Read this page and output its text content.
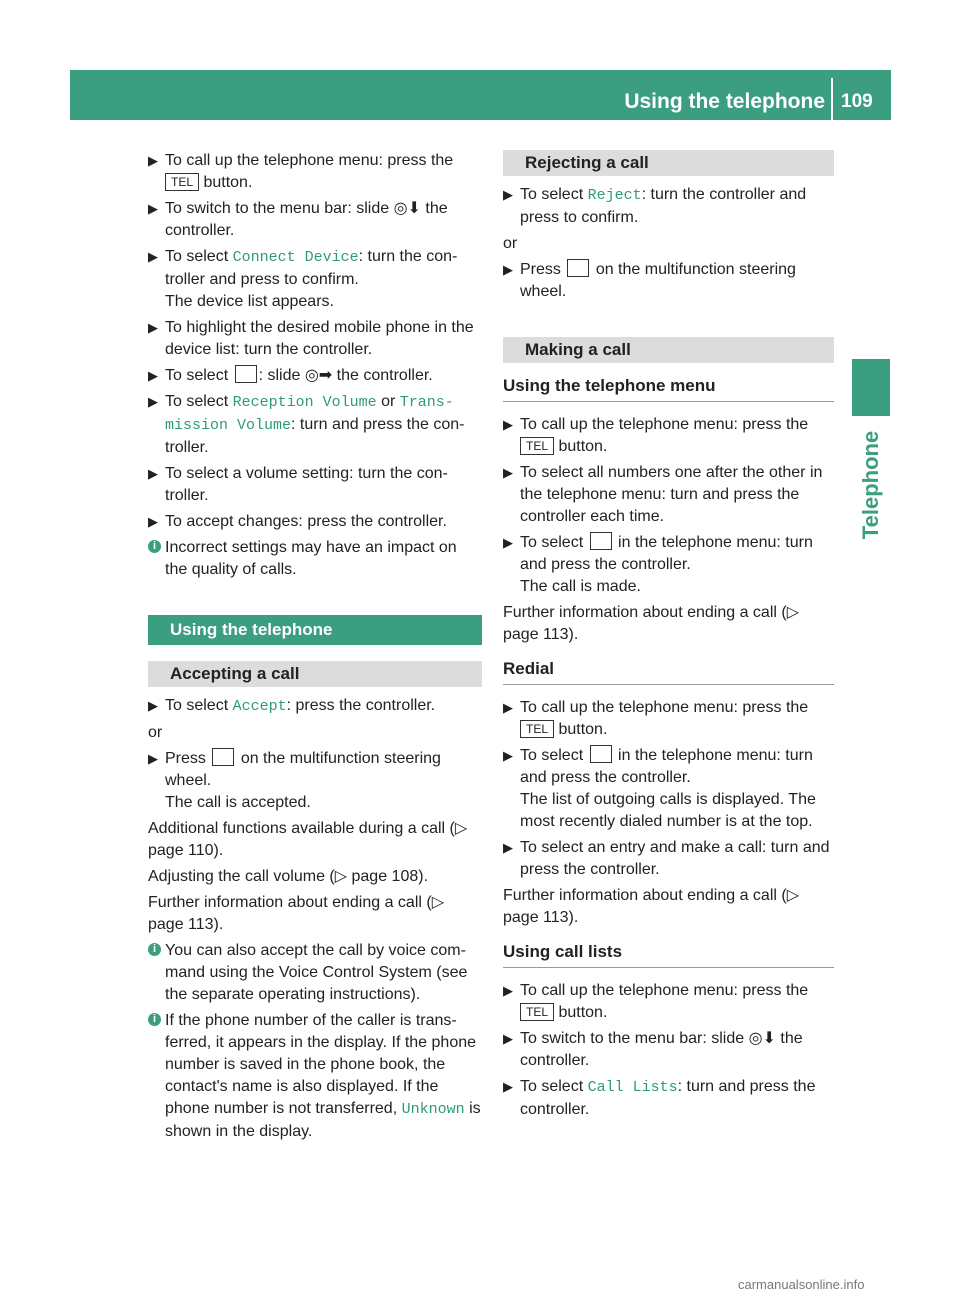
Using the telephone 109
Telephone
▶ To call up the telephone menu: press the TEL button.
▶ To switch to the menu bar: slide ◎⬇ the controller.
▶ To select Connect Device: turn the con- troller and press to confirm.
The device list appears.
▶ To highlight the desired mobile phone in the device list: turn the controller.
▶ To select : slide ◎➡ the controller.
▶ To select Reception Volume or Trans- mission Volume: turn and press the con- troller.
▶ To select a volume setting: turn the con- troller.
▶ To accept changes: press the controller.
i Incorrect settings may have an impact on the quality of calls.
Using the telephone
Accepting a call
▶ To select Accept: press the controller.
or
▶ Press on the multifunction steering wheel.
The call is accepted.
Additional functions available during a call (▷ page 110).
Adjusting the call volume (▷ page 108).
Further information about ending a call (▷ page 113).
i You can also accept the call by voice com- mand using the Voice Control System (see the separate operating instructions).
i If the phone number of the caller is trans- ferred, it appears in the display. If the phone number is saved in the phone book, the contact's name is also displayed. If the phone number is not transferred, Unknown is shown in the display.
Rejecting a call
▶ To select Reject: turn the controller and press to confirm.
or
▶ Press on the multifunction steering wheel.
Making a call
Using the telephone menu
▶ To call up the telephone menu: press the TEL button.
▶ To select all numbers one after the other in the telephone menu: turn and press the controller each time.
▶ To select in the telephone menu: turn and press the controller.
The call is made.
Further information about ending a call (▷ page 113).
Redial
▶ To call up the telephone menu: press the TEL button.
▶ To select in the telephone menu: turn and press the controller.
The list of outgoing calls is displayed. The most recently dialed number is at the top.
▶ To select an entry and make a call: turn and press the controller.
Further information about ending a call (▷ page 113).
Using call lists
▶ To call up the telephone menu: press the TEL button.
▶ To switch to the menu bar: slide ◎⬇ the controller.
▶ To select Call Lists: turn and press the controller.
carmanualsonline.info
